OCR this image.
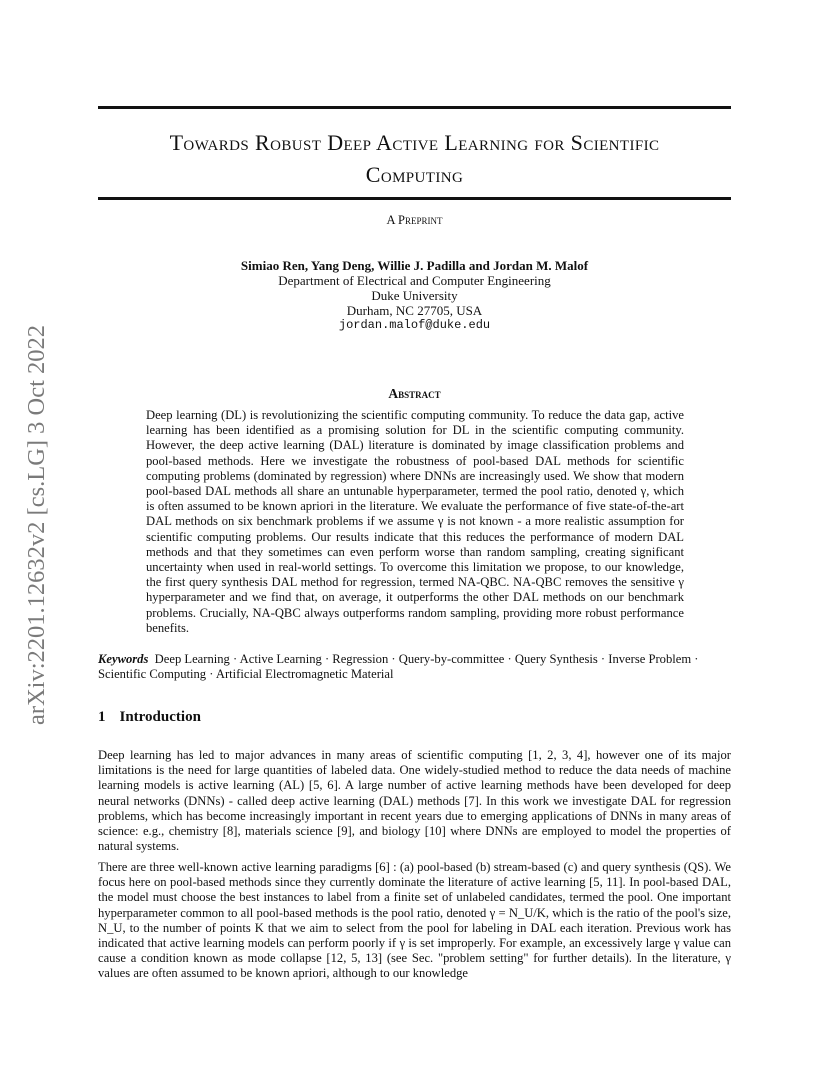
arXiv:2201.12632v2 [cs.LG] 3 Oct 2022
Towards Robust Deep Active Learning for Scientific
Computing
A Preprint
Simiao Ren, Yang Deng, Willie J. Padilla and Jordan M. Malof
Department of Electrical and Computer Engineering
Duke University
Durham, NC 27705, USA
jordan.malof@duke.edu
Abstract

Deep learning (DL) is revolutionizing the scientific computing community. To reduce the data gap, active learning has been identified as a promising solution for DL in the scientific computing community. However, the deep active learning (DAL) literature is dominated by image classification problems and pool-based methods. Here we investigate the robustness of pool-based DAL methods for scientific computing problems (dominated by regression) where DNNs are increasingly used. We show that modern pool-based DAL methods all share an untunable hyperparameter, termed the pool ratio, denoted γ, which is often assumed to be known apriori in the literature. We evaluate the performance of five state-of-the-art DAL methods on six benchmark problems if we assume γ is not known - a more realistic assumption for scientific computing problems. Our results indicate that this reduces the performance of modern DAL methods and that they sometimes can even perform worse than random sampling, creating significant uncertainty when used in real-world settings. To overcome this limitation we propose, to our knowledge, the first query synthesis DAL method for regression, termed NA-QBC. NA-QBC removes the sensitive γ hyperparameter and we find that, on average, it outperforms the other DAL methods on our benchmark problems. Crucially, NA-QBC always outperforms random sampling, providing more robust performance benefits.

Keywords Deep Learning · Active Learning · Regression · Query-by-committee · Query Synthesis · Inverse Problem · Scientific Computing · Artificial Electromagnetic Material

1 Introduction

Deep learning has led to major advances in many areas of scientific computing [1, 2, 3, 4], however one of its major limitations is the need for large quantities of labeled data. One widely-studied method to reduce the data needs of machine learning models is active learning (AL) [5, 6]. A large number of active learning methods have been developed for deep neural networks (DNNs) - called deep active learning (DAL) methods [7]. In this work we investigate DAL for regression problems, which has become increasingly important in recent years due to emerging applications of DNNs in many areas of science: e.g., chemistry [8], materials science [9], and biology [10] where DNNs are employed to model the properties of natural systems.

There are three well-known active learning paradigms [6] : (a) pool-based (b) stream-based (c) and query synthesis (QS). We focus here on pool-based methods since they currently dominate the literature of active learning [5, 11]. In pool-based DAL, the model must choose the best instances to label from a finite set of unlabeled candidates, termed the pool. One important hyperparameter common to all pool-based methods is the pool ratio, denoted γ = N_U/K, which is the ratio of the pool's size, N_U, to the number of points K that we aim to select from the pool for labeling in DAL each iteration. Previous work has indicated that active learning models can perform poorly if γ is set improperly. For example, an excessively large γ value can cause a condition known as mode collapse [12, 5, 13] (see Sec. "problem setting" for further details). In the literature, γ values are often assumed to be known apriori, although to our knowledge
